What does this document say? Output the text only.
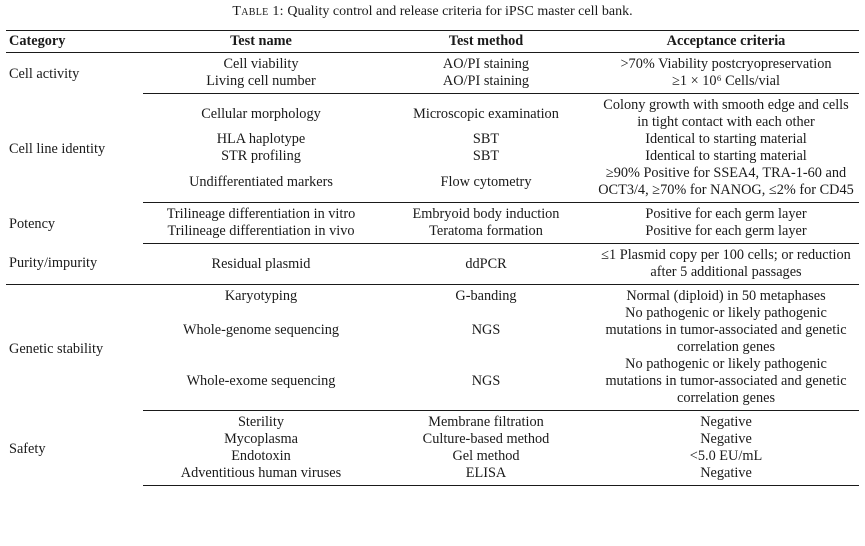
Table 1: Quality control and release criteria for iPSC master cell bank.
Category	Test name	Test method	Acceptance criteria
Cell activity	Cell viability	AO/PI staining	>70% Viability postcryopreservation
	Living cell number	AO/PI staining	≥1 × 10⁶ Cells/vial
Cell line identity	Cellular morphology	Microscopic examination	Colony growth with smooth edge and cells in tight contact with each other
	HLA haplotype	SBT	Identical to starting material
	STR profiling	SBT	Identical to starting material
	Undifferentiated markers	Flow cytometry	≥90% Positive for SSEA4, TRA-1-60 and OCT3/4, ≥70% for NANOG, ≤2% for CD45
Potency	Trilineage differentiation in vitro	Embryoid body induction	Positive for each germ layer
	Trilineage differentiation in vivo	Teratoma formation	Positive for each germ layer
Purity/impurity	Residual plasmid	ddPCR	≤1 Plasmid copy per 100 cells; or reduction after 5 additional passages
Genetic stability	Karyotyping	G-banding	Normal (diploid) in 50 metaphases
	Whole-genome sequencing	NGS	No pathogenic or likely pathogenic mutations in tumor-associated and genetic correlation genes
	Whole-exome sequencing	NGS	No pathogenic or likely pathogenic mutations in tumor-associated and genetic correlation genes
Safety	Sterility	Membrane filtration	Negative
	Mycoplasma	Culture-based method	Negative
	Endotoxin	Gel method	<5.0 EU/mL
	Adventitious human viruses	ELISA	Negative
